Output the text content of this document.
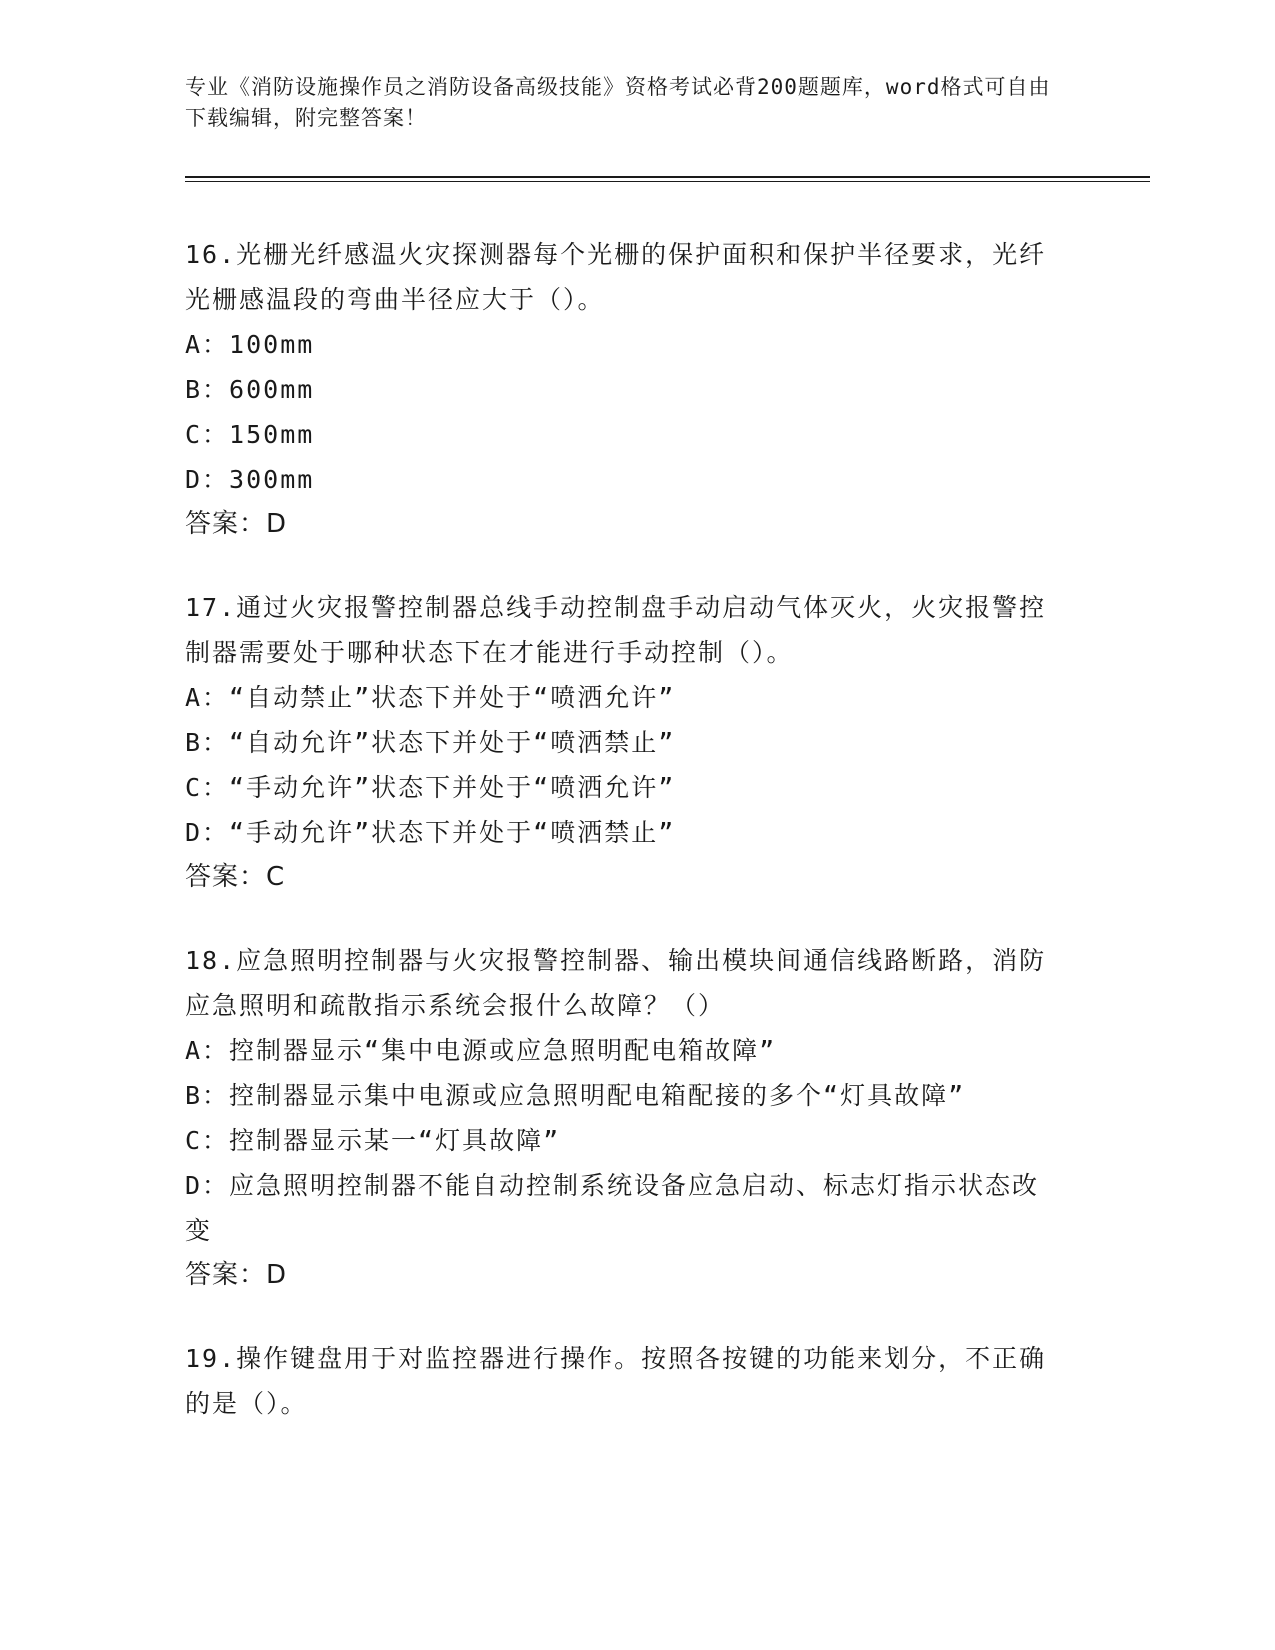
专业《消防设施操作员之消防设备高级技能》资格考试必背200题题库，word格式可自由下载编辑，附完整答案！

16.光栅光纤感温火灾探测器每个光栅的保护面积和保护半径要求，光纤光栅感温段的弯曲半径应大于（）。

A：100mm

B：600mm

C：150mm

D：300mm

答案：D

17.通过火灾报警控制器总线手动控制盘手动启动气体灭火，火灾报警控制器需要处于哪种状态下在才能进行手动控制（）。

A：“自动禁止”状态下并处于“喷洒允许”

B：“自动允许”状态下并处于“喷洒禁止”

C：“手动允许”状态下并处于“喷洒允许”

D：“手动允许”状态下并处于“喷洒禁止”

答案：C

18.应急照明控制器与火灾报警控制器、输出模块间通信线路断路，消防应急照明和疏散指示系统会报什么故障？（）

A：控制器显示“集中电源或应急照明配电箱故障”

B：控制器显示集中电源或应急照明配电箱配接的多个“灯具故障”

C：控制器显示某一“灯具故障”

D：应急照明控制器不能自动控制系统设备应急启动、标志灯指示状态改变

答案：D

19.操作键盘用于对监控器进行操作。按照各按键的功能来划分，不正确的是（）。
